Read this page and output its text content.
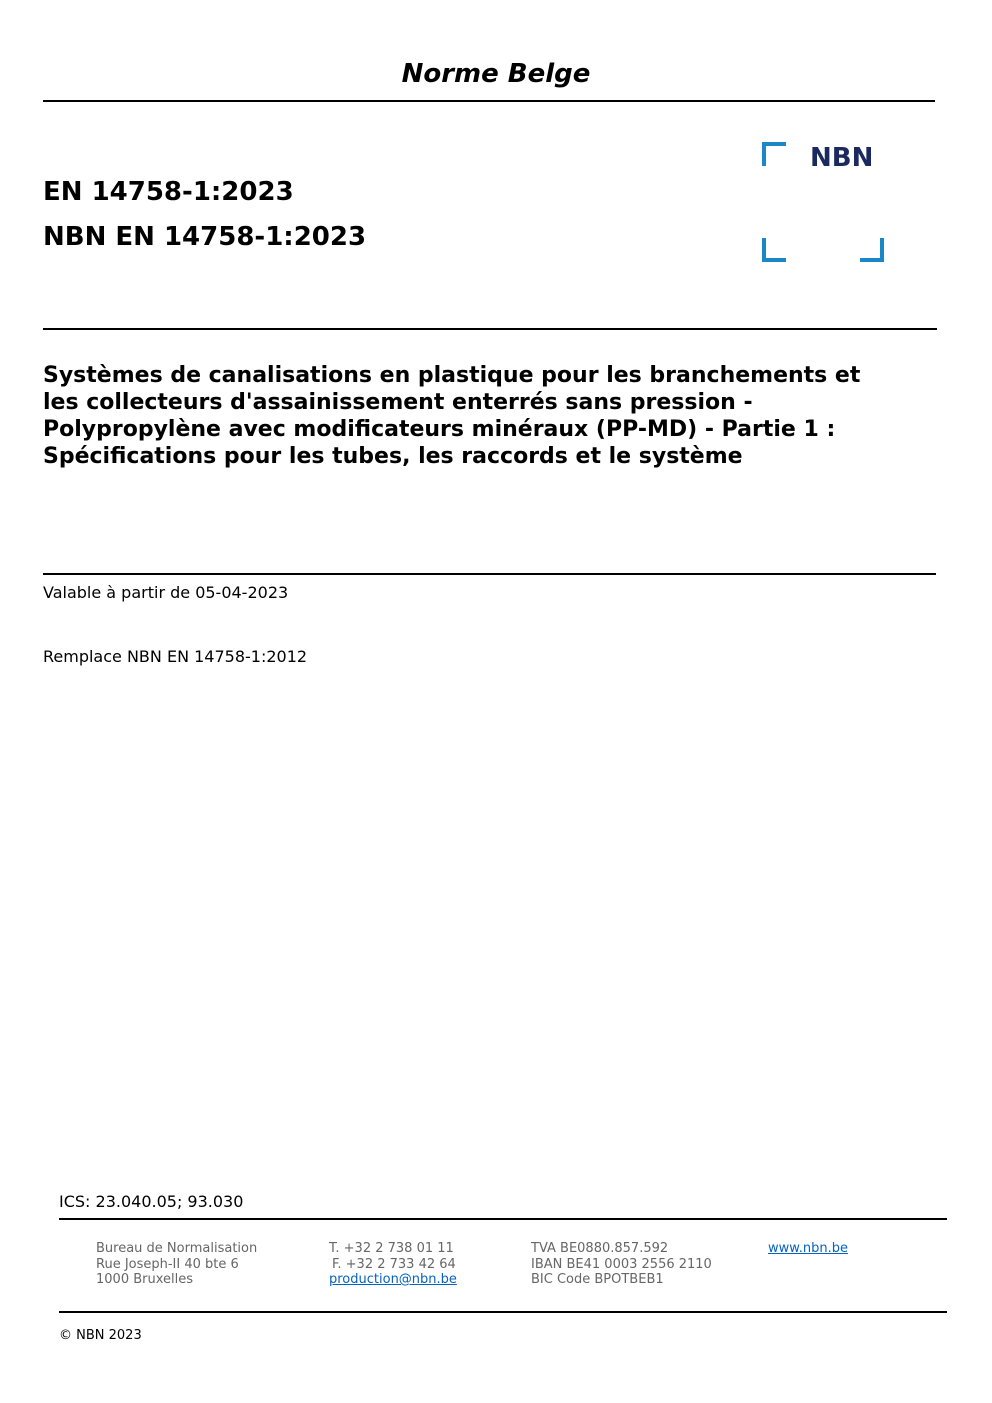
Norme Belge
EN 14758-1:2023
NBN EN 14758-1:2023
NBN
Systèmes de canalisations en plastique pour les branchements et les collecteurs d'assainissement enterrés sans pression - Polypropylène avec modificateurs minéraux (PP-MD) - Partie 1 : Spécifications pour les tubes, les raccords et le système
Valable à partir de 05-04-2023
Remplace NBN EN 14758-1:2012
ICS: 23.040.05; 93.030
Bureau de Normalisation
Rue Joseph-II 40 bte 6
1000 Bruxelles
T. +32 2 738 01 11
F. +32 2 733 42 64
production@nbn.be
TVA BE0880.857.592
IBAN BE41 0003 2556 2110
BIC Code BPOTBEB1
www.nbn.be
© NBN 2023
